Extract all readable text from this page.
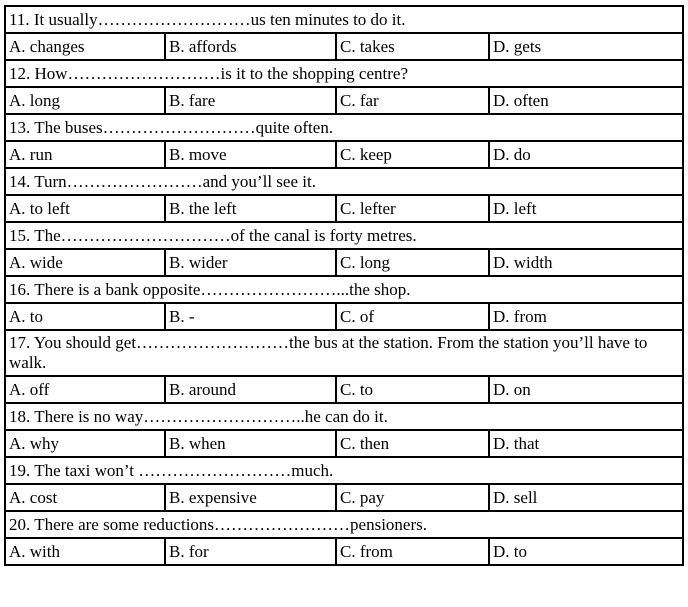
11. It usually………………………us ten minutes to do it.			
A. changes	B. affords	C. takes	D. gets
12. How………………………is it to the shopping centre?			
A. long	B. fare	C. far	D. often
13. The buses………………………quite often.			
A. run	B. move	C. keep	D. do
14. Turn……………………and you’ll see it.			
A. to left	B. the left	C. lefter	D. left
15. The…………………………of the canal is forty metres.			
A. wide	B. wider	C. long	D. width
16. There is a bank opposite……………………...the shop.			
A. to	B. -	C. of	D. from
17. You should get………………………the bus at the station. From the station you’ll have to walk.			
A. off	B. around	C. to	D. on
18. There is no way………………………..he can do it.			
A. why	B. when	C. then	D. that
19. The taxi won’t ………………………much.			
A. cost	B. expensive	C. pay	D. sell
20. There are some reductions……………………pensioners.			
A. with	B. for	C. from	D. to
